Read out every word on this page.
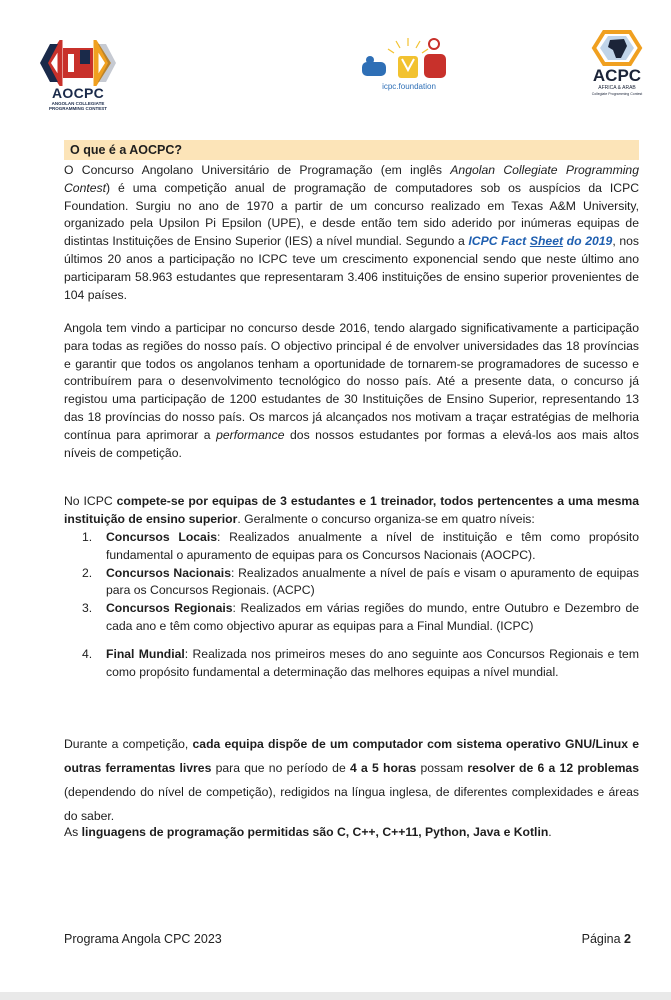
AOCPC
ANGOLAN COLLEGIATE
PROGRAMMING CONTEST
icpc.foundation
ACPC
AFRICA & ARAB
Collegiate Programming Contest
O que é a AOCPC?

O Concurso Angolano Universitário de Programação (em inglês Angolan Collegiate Programming Contest) é uma competição anual de programação de computadores sob os auspícios da ICPC Foundation. Surgiu no ano de 1970 a partir de um concurso realizado em Texas A&M University, organizado pela Upsilon Pi Epsilon (UPE), e desde então tem sido aderido por inúmeras equipas de distintas Instituições de Ensino Superior (IES) a nível mundial. Segundo a ICPC Fact Sheet do 2019, nos últimos 20 anos a participação no ICPC teve um crescimento exponencial sendo que neste último ano participaram 58.963 estudantes que representaram 3.406 instituições de ensino superior provenientes de 104 países.

Angola tem vindo a participar no concurso desde 2016, tendo alargado significativamente a participação para todas as regiões do nosso país. O objectivo principal é de envolver universidades das 18 províncias e garantir que todos os angolanos tenham a oportunidade de tornarem-se programadores de sucesso e contribuírem para o desenvolvimento tecnológico do nosso país. Até a presente data, o concurso já registou uma participação de 1200 estudantes de 30 Instituições de Ensino Superior, representando 13 das 18 províncias do nosso país. Os marcos já alcançados nos motivam a traçar estratégias de melhoria contínua para aprimorar a performance dos nossos estudantes por formas a elevá-los aos mais altos níveis de competição.

No ICPC compete-se por equipas de 3 estudantes e 1 treinador, todos pertencentes a uma mesma instituição de ensino superior. Geralmente o concurso organiza-se em quatro níveis:

1. Concursos Locais: Realizados anualmente a nível de instituição e têm como propósito fundamental o apuramento de equipas para os Concursos Nacionais (AOCPC).
2. Concursos Nacionais: Realizados anualmente a nível de país e visam o apuramento de equipas para os Concursos Regionais. (ACPC)
3. Concursos Regionais: Realizados em várias regiões do mundo, entre Outubro e Dezembro de cada ano e têm como objectivo apurar as equipas para a Final Mundial. (ICPC)
4. Final Mundial: Realizada nos primeiros meses do ano seguinte aos Concursos Regionais e tem como propósito fundamental a determinação das melhores equipas a nível mundial.

Durante a competição, cada equipa dispõe de um computador com sistema operativo GNU/Linux e outras ferramentas livres para que no período de 4 a 5 horas possam resolver de 6 a 12 problemas (dependendo do nível de competição), redigidos na língua inglesa, de diferentes complexidades e áreas do saber.

As linguagens de programação permitidas são C, C++, C++11, Python, Java e Kotlin.

Programa Angola CPC 2023	Página 2
